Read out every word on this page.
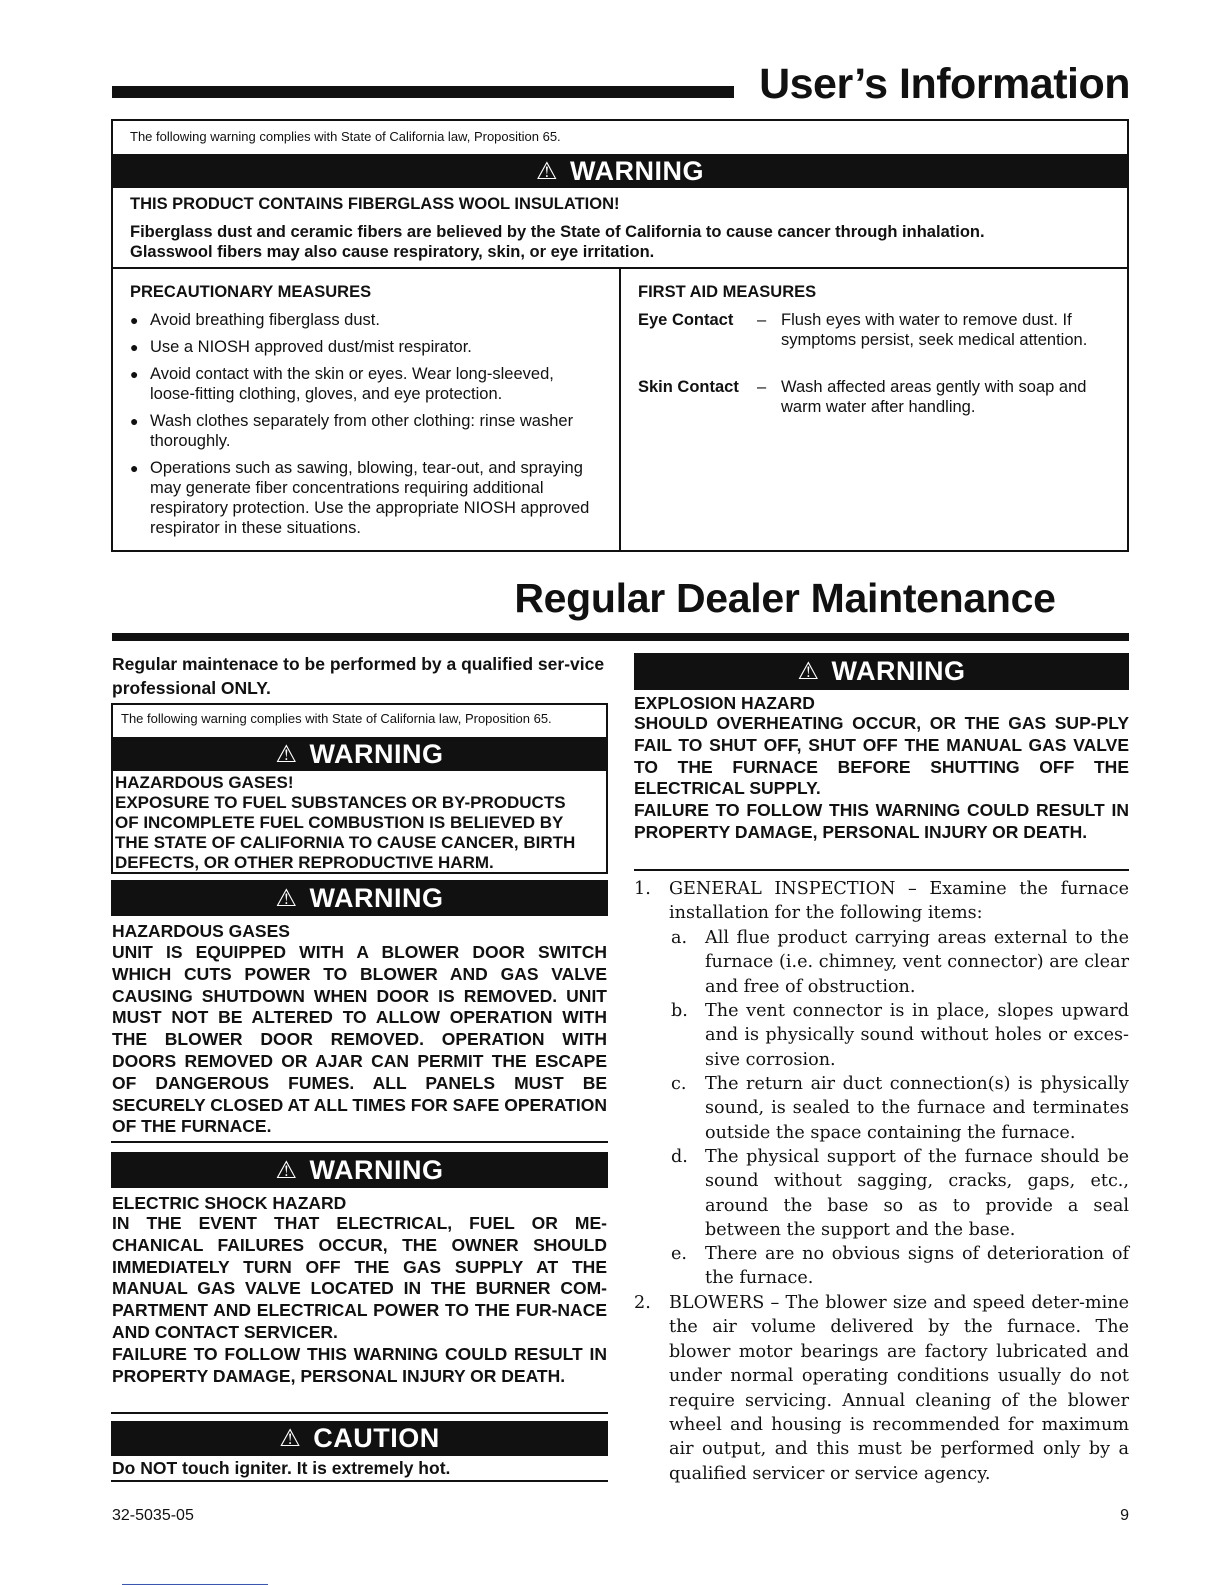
User’s Information
The following warning complies with State of California law, Proposition 65.
⚠ WARNING
THIS PRODUCT CONTAINS FIBERGLASS WOOL INSULATION!
Fiberglass dust and ceramic fibers are believed by the State of California to cause cancer through inhalation. Glasswool fibers may also cause respiratory, skin, or eye irritation.
PRECAUTIONARY MEASURES
● Avoid breathing fiberglass dust.
● Use a NIOSH approved dust/mist respirator.
● Avoid contact with the skin or eyes. Wear long-sleeved, loose-fitting clothing, gloves, and eye protection.
● Wash clothes separately from other clothing: rinse washer thoroughly.
● Operations such as sawing, blowing, tear-out, and spraying may generate fiber concentrations requiring additional respiratory protection. Use the appropriate NIOSH approved respirator in these situations.
FIRST AID MEASURES
Eye Contact – Flush eyes with water to remove dust. If symptoms persist, seek medical attention.
Skin Contact – Wash affected areas gently with soap and warm water after handling.
Regular Dealer Maintenance
Regular maintenace to be performed by a qualified ser-vice professional ONLY.
The following warning complies with State of California law, Proposition 65.
⚠ WARNING
HAZARDOUS GASES!
EXPOSURE TO FUEL SUBSTANCES OR BY-PRODUCTS
OF INCOMPLETE FUEL COMBUSTION IS BELIEVED BY
THE STATE OF CALIFORNIA TO CAUSE CANCER, BIRTH
DEFECTS, OR OTHER REPRODUCTIVE HARM.
⚠ WARNING
HAZARDOUS GASES
UNIT IS EQUIPPED WITH A BLOWER DOOR SWITCH WHICH CUTS POWER TO BLOWER AND GAS VALVE CAUSING SHUTDOWN WHEN DOOR IS REMOVED. UNIT MUST NOT BE ALTERED TO ALLOW OPERATION WITH THE BLOWER DOOR REMOVED. OPERATION WITH DOORS REMOVED OR AJAR CAN PERMIT THE ESCAPE OF DANGEROUS FUMES. ALL PANELS MUST BE SECURELY CLOSED AT ALL TIMES FOR SAFE OPERATION OF THE FURNACE.
⚠ WARNING
ELECTRIC SHOCK HAZARD
IN THE EVENT THAT ELECTRICAL, FUEL OR ME-CHANICAL FAILURES OCCUR, THE OWNER SHOULD IMMEDIATELY TURN OFF THE GAS SUPPLY AT THE MANUAL GAS VALVE LOCATED IN THE BURNER COM-PARTMENT AND ELECTRICAL POWER TO THE FUR-NACE AND CONTACT SERVICER.
FAILURE TO FOLLOW THIS WARNING COULD RESULT IN PROPERTY DAMAGE, PERSONAL INJURY OR DEATH.
⚠ CAUTION
Do NOT touch igniter. It is extremely hot.
⚠ WARNING
EXPLOSION HAZARD
SHOULD OVERHEATING OCCUR, OR THE GAS SUP-PLY FAIL TO SHUT OFF, SHUT OFF THE MANUAL GAS VALVE TO THE FURNACE BEFORE SHUTTING OFF THE ELECTRICAL SUPPLY.
FAILURE TO FOLLOW THIS WARNING COULD RESULT IN PROPERTY DAMAGE, PERSONAL INJURY OR DEATH.
1. GENERAL INSPECTION – Examine the furnace installation for the following items:
a. All flue product carrying areas external to the furnace (i.e. chimney, vent connector) are clear and free of obstruction.
b. The vent connector is in place, slopes upward and is physically sound without holes or exces-sive corrosion.
c. The return air duct connection(s) is physically sound, is sealed to the furnace and terminates outside the space containing the furnace.
d. The physical support of the furnace should be sound without sagging, cracks, gaps, etc., around the base so as to provide a seal between the support and the base.
e. There are no obvious signs of deterioration of the furnace.
2. BLOWERS – The blower size and speed deter-mine the air volume delivered by the furnace. The blower motor bearings are factory lubricated and under normal operating conditions usually do not require servicing. Annual cleaning of the blower wheel and housing is recommended for maximum air output, and this must be performed only by a qualified servicer or service agency.
32-5035-05	9
